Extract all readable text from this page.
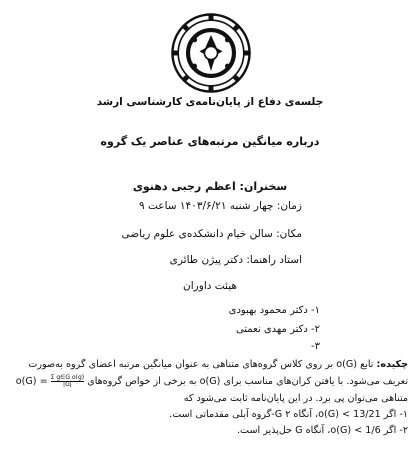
جلسه‌ی دفاع از پایان‌نامه‌ی کارشناسی ارشد
درباره میانگین مرتبه‌های عناصر یک گروه
سخنران: اعظم رجبی دهنوی
زمان: چهار شنبه ۱۴۰۳/۶/۲۱ ساعت ۹
مکان: سالن خیام دانشکده‌ی علوم ریاضی
استاد راهنما: دکتر پیژن طائری
هیئت داوران
۱- دکتر محمود بهبودی
۲- دکتر مهدی نعمتی
۳-
چکیده: تابع o(G) بر روی کلاس گروه‌های متناهی به عنوان میانگین مرتبه اعضای گروه به‌صورت
تعریف می‌شود. با یافتن کران‌های مناسب برای o(G) به برخی از خواص گروه‌های
$\frac{\text{Σ g∈G o(g)}}{|G|} = o(G)$
متناهی می‌توان پی برد. در این پایان‌نامه ثابت می‌شود که
۱- اگر 13/21 > o(G)، آنگاه G ۲-گروه آبلی مقدماتی است.
۲- اگر 1/6 > o(G)، آنگاه G حل‌پذیر است.
